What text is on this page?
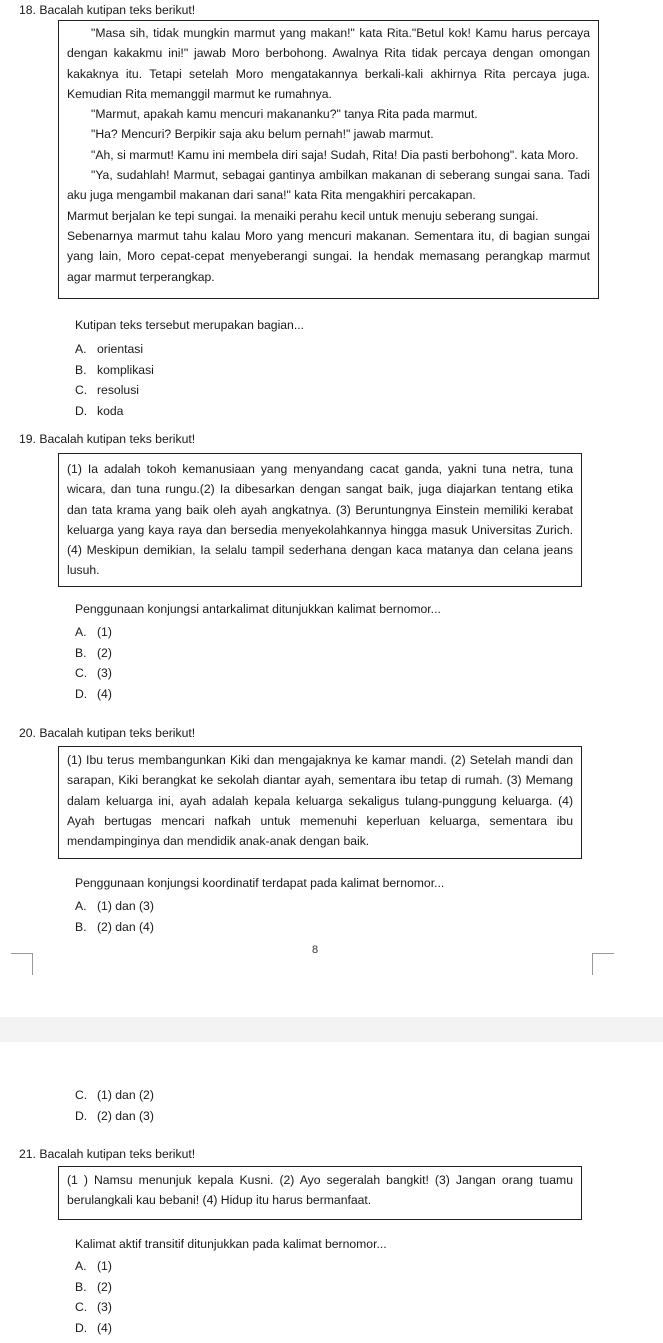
18. Bacalah kutipan teks berikut!

"Masa sih, tidak mungkin marmut yang makan!" kata Rita."Betul kok! Kamu harus percaya dengan kakakmu ini!" jawab Moro berbohong. Awalnya Rita tidak percaya dengan omongan kakaknya itu. Tetapi setelah Moro mengatakannya berkali-kali akhirnya Rita percaya juga. Kemudian Rita memanggil marmut ke rumahnya.

"Marmut, apakah kamu mencuri makananku?" tanya Rita pada marmut.

"Ha? Mencuri? Berpikir saja aku belum pernah!" jawab marmut.

"Ah, si marmut! Kamu ini membela diri saja! Sudah, Rita! Dia pasti berbohong". kata Moro.

"Ya, sudahlah! Marmut, sebagai gantinya ambilkan makanan di seberang sungai sana. Tadi aku juga mengambil makanan dari sana!" kata Rita mengakhiri percakapan.

Marmut berjalan ke tepi sungai. Ia menaiki perahu kecil untuk menuju seberang sungai.

Sebenarnya marmut tahu kalau Moro yang mencuri makanan. Sementara itu, di bagian sungai yang lain, Moro cepat-cepat menyeberangi sungai. Ia hendak memasang perangkap marmut agar marmut terperangkap.

Kutipan teks tersebut merupakan bagian...
A. orientasi
B. komplikasi
C. resolusi
D. koda
19. Bacalah kutipan teks berikut!

(1) Ia adalah tokoh kemanusiaan yang menyandang cacat ganda, yakni tuna netra, tuna wicara, dan tuna rungu.(2) Ia dibesarkan dengan sangat baik, juga diajarkan tentang etika dan tata krama yang baik oleh ayah angkatnya. (3) Beruntungnya Einstein memiliki kerabat keluarga yang kaya raya dan bersedia menyekolahkannya hingga masuk Universitas Zurich. (4) Meskipun demikian, Ia selalu tampil sederhana dengan kaca matanya dan celana jeans lusuh.

Penggunaan konjungsi antarkalimat ditunjukkan kalimat bernomor...
A. (1)
B. (2)
C. (3)
D. (4)
20. Bacalah kutipan teks berikut!

(1) Ibu terus membangunkan Kiki dan mengajaknya ke kamar mandi. (2) Setelah mandi dan sarapan, Kiki berangkat ke sekolah diantar ayah, sementara ibu tetap di rumah. (3) Memang dalam keluarga ini, ayah adalah kepala keluarga sekaligus tulang-punggung keluarga. (4) Ayah bertugas mencari nafkah untuk memenuhi keperluan keluarga, sementara ibu mendampinginya dan mendidik anak-anak dengan baik.

Penggunaan konjungsi koordinatif terdapat pada kalimat bernomor...
A. (1) dan (3)
B. (2) dan (4)
8
C. (1) dan (2)
D. (2) dan (3)
21. Bacalah kutipan teks berikut!

(1 ) Namsu menunjuk kepala Kusni. (2) Ayo segeralah bangkit! (3) Jangan orang tuamu berulangkali kau bebani! (4) Hidup itu harus bermanfaat.

Kalimat aktif transitif ditunjukkan pada kalimat bernomor...
A. (1)
B. (2)
C. (3)
D. (4)
